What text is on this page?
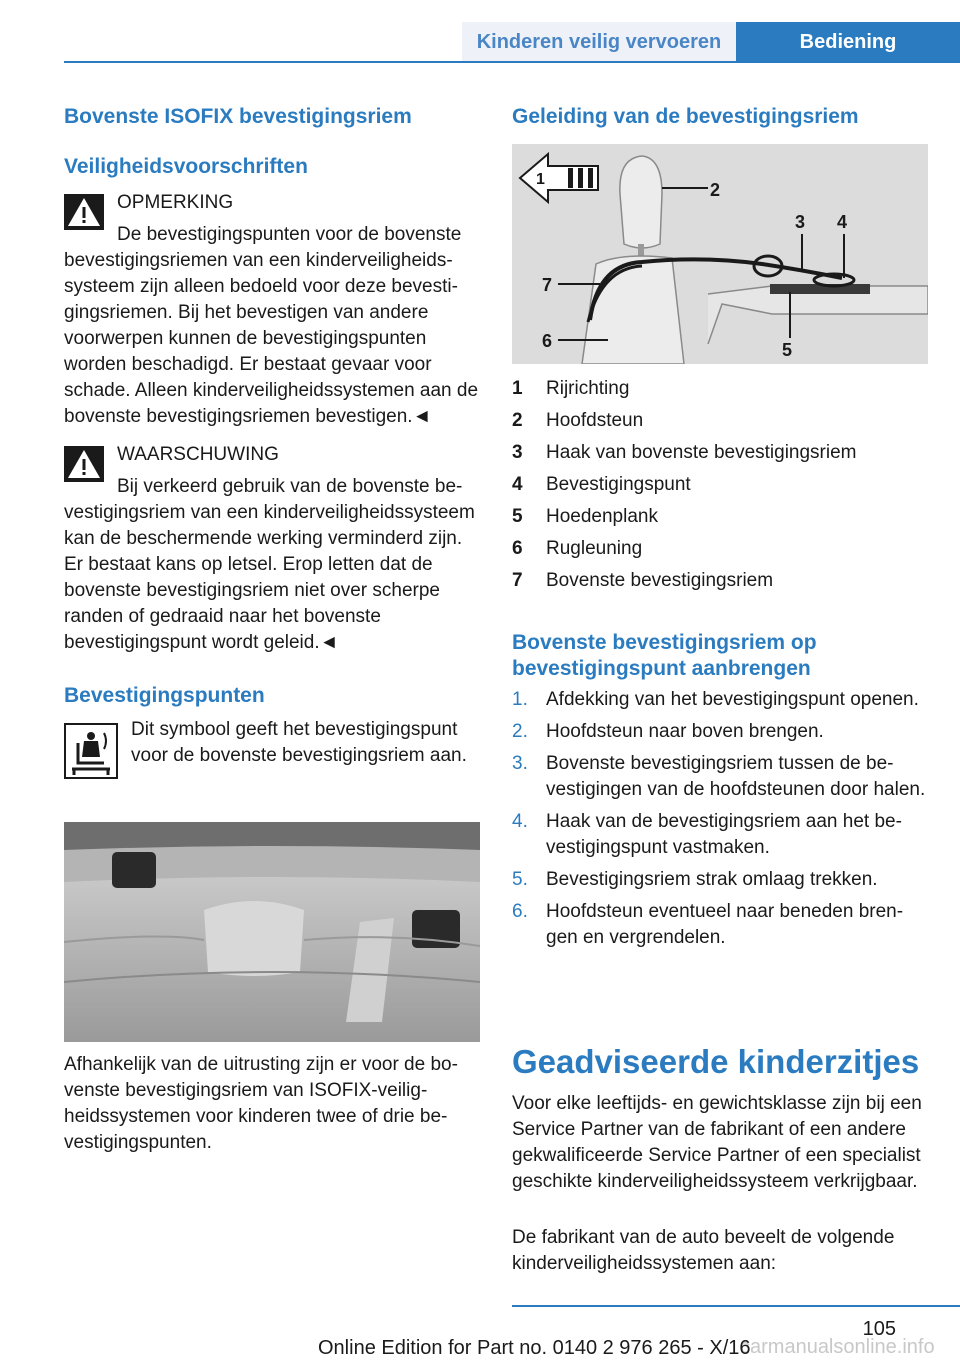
Kinderen veilig vervoeren	Bediening
Bovenste ISOFIX bevestigingsriem
Veiligheidsvoorschriften

OPMERKING

De bevestigingspunten voor de bovenste bevestigingsriemen van een kinderveiligheidssysteem zijn alleen bedoeld voor deze bevestigingsriemen. Bij het bevestigen van andere voorwerpen kunnen de bevestigingspunten worden beschadigd. Er bestaat gevaar voor schade. Alleen kinderveiligheidssystemen aan de bovenste bevestigingsriemen bevestigen.◄

WAARSCHUWING

Bij verkeerd gebruik van de bovenste bevestigingsriem van een kinderveiligheidssysteem kan de beschermende werking verminderd zijn. Er bestaat kans op letsel. Erop letten dat de bovenste bevestigingsriem niet over scherpe randen of gedraaid naar het bovenste bevestigingspunt wordt geleid.◄

Bevestigingspunten

Dit symbool geeft het bevestigingspunt voor de bovenste bevestigingsriem aan.

Afhankelijk van de uitrusting zijn er voor de bovenste bevestigingsriem van ISOFIX-veiligheidssystemen voor kinderen twee of drie bevestigingspunten.

Geleiding van de bevestigingsriem
1
2
3 4
5
6
7
1 Rijrichting
2 Hoofdsteun
3 Haak van bovenste bevestigingsriem
4 Bevestigingspunt
5 Hoedenplank
6 Rugleuning
7 Bovenste bevestigingsriem
Bovenste bevestigingsriem op bevestigingspunt aanbrengen
1. Afdekking van het bevestigingspunt openen.
2. Hoofdsteun naar boven brengen.
3. Bovenste bevestigingsriem tussen de bevestigingen van de hoofdsteunen door halen.
4. Haak van de bevestigingsriem aan het bevestigingspunt vastmaken.
5. Bevestigingsriem strak omlaag trekken.
6. Hoofdsteun eventueel naar beneden brengen en vergrendelen.
Geadviseerde kinderzitjes

Voor elke leeftijds- en gewichtsklasse zijn bij een Service Partner van de fabrikant of een andere gekwalificeerde Service Partner of een specialist geschikte kinderveiligheidssysteem verkrijgbaar.

De fabrikant van de auto beveelt de volgende kinderveiligheidssystemen aan:

105
carmanualsonline.info
Online Edition for Part no. 0140 2 976 265 - X/16
